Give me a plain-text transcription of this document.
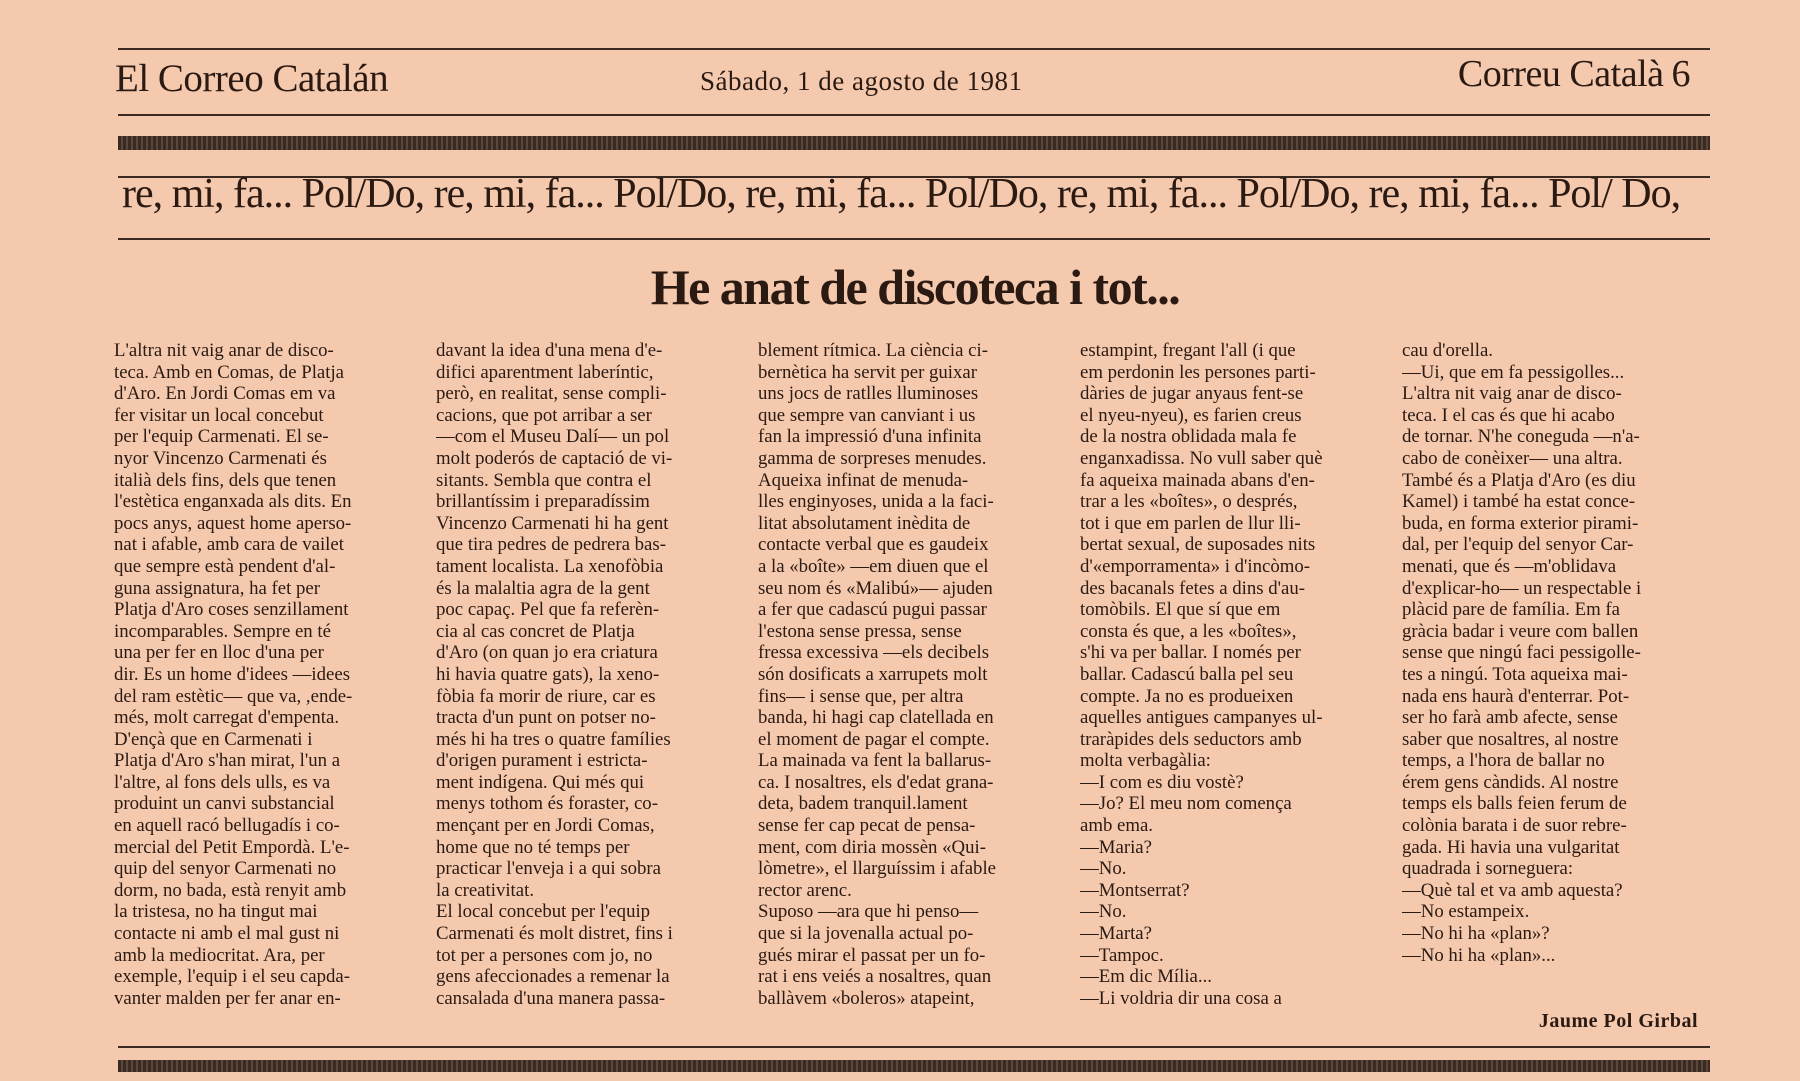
El Correo Catalán	Sábado, 1 de agosto de 1981	Correu Català 6
re, mi, fa... Pol/Do, re, mi, fa... Pol/Do, re, mi, fa... Pol/Do, re, mi, fa... Pol/Do, re, mi, fa... Pol/ Do,
He anat de discoteca i tot...
L'altra nit vaig anar de disco-
teca. Amb en Comas, de Platja
d'Aro. En Jordi Comas em va
fer visitar un local concebut
per l'equip Carmenati. El se-
nyor Vincenzo Carmenati és
italià dels fins, dels que tenen
l'estètica enganxada als dits. En
pocs anys, aquest home aperso-
nat i afable, amb cara de vailet
que sempre està pendent d'al-
guna assignatura, ha fet per
Platja d'Aro coses senzillament
incomparables. Sempre en té
una per fer en lloc d'una per
dir. Es un home d'idees —idees
del ram estètic— que va, ,ende-
més, molt carregat d'empenta.
D'ençà que en Carmenati i
Platja d'Aro s'han mirat, l'un a
l'altre, al fons dels ulls, es va
produint un canvi substancial
en aquell racó bellugadís i co-
mercial del Petit Empordà. L'e-
quip del senyor Carmenati no
dorm, no bada, està renyit amb
la tristesa, no ha tingut mai
contacte ni amb el mal gust ni
amb la mediocritat. Ara, per
exemple, l'equip i el seu capda-
vanter malden per fer anar en-
davant la idea d'una mena d'e-
difici aparentment laberíntic,
però, en realitat, sense compli-
cacions, que pot arribar a ser
—com el Museu Dalí— un pol
molt poderós de captació de vi-
sitants. Sembla que contra el
brillantíssim i preparadíssim
Vincenzo Carmenati hi ha gent
que tira pedres de pedrera bas-
tament localista. La xenofòbia
és la malaltia agra de la gent
poc capaç. Pel que fa referèn-
cia al cas concret de Platja
d'Aro (on quan jo era criatura
hi havia quatre gats), la xeno-
fòbia fa morir de riure, car es
tracta d'un punt on potser no-
més hi ha tres o quatre famílies
d'origen purament i estricta-
ment indígena. Qui més qui
menys tothom és foraster, co-
mençant per en Jordi Comas,
home que no té temps per
practicar l'enveja i a qui sobra
la creativitat.
El local concebut per l'equip
Carmenati és molt distret, fins i
tot per a persones com jo, no
gens afeccionades a remenar la
cansalada d'una manera passa-
blement rítmica. La ciència ci-
bernètica ha servit per guixar
uns jocs de ratlles lluminoses
que sempre van canviant i us
fan la impressió d'una infinita
gamma de sorpreses menudes.
Aqueixa infinat de menuda-
lles enginyoses, unida a la faci-
litat absolutament inèdita de
contacte verbal que es gaudeix
a la «boîte» —em diuen que el
seu nom és «Malibú»— ajuden
a fer que cadascú pugui passar
l'estona sense pressa, sense
fressa excessiva —els decibels
són dosificats a xarrupets molt
fins— i sense que, per altra
banda, hi hagi cap clatellada en
el moment de pagar el compte.
La mainada va fent la ballarus-
ca. I nosaltres, els d'edat grana-
deta, badem tranquil.lament
sense fer cap pecat de pensa-
ment, com diria mossèn «Qui-
lòmetre», el llarguíssim i afable
rector arenc.
Suposo —ara que hi penso—
que si la jovenalla actual po-
gués mirar el passat per un fo-
rat i ens veiés a nosaltres, quan
ballàvem «boleros» atapeint,
estampint, fregant l'all (i que
em perdonin les persones parti-
dàries de jugar anyaus fent-se
el nyeu-nyeu), es farien creus
de la nostra oblidada mala fe
enganxadissa. No vull saber què
fa aqueixa mainada abans d'en-
trar a les «boîtes», o després,
tot i que em parlen de llur lli-
bertat sexual, de suposades nits
d'«emporramenta» i d'incòmo-
des bacanals fetes a dins d'au-
tomòbils. El que sí que em
consta és que, a les «boîtes»,
s'hi va per ballar. I només per
ballar. Cadascú balla pel seu
compte. Ja no es produeixen
aquelles antigues campanyes ul-
traràpides dels seductors amb
molta verbagàlia:
—I com es diu vostè?
—Jo? El meu nom comença
amb ema.
—Maria?
—No.
—Montserrat?
—No.
—Marta?
—Tampoc.
—Em dic Mília...
—Li voldria dir una cosa a
cau d'orella.
—Ui, que em fa pessigolles...
L'altra nit vaig anar de disco-
teca. I el cas és que hi acabo
de tornar. N'he coneguda —n'a-
cabo de conèixer— una altra.
També és a Platja d'Aro (es diu
Kamel) i també ha estat conce-
buda, en forma exterior pirami-
dal, per l'equip del senyor Car-
menati, que és —m'oblidava
d'explicar-ho— un respectable i
plàcid pare de família. Em fa
gràcia badar i veure com ballen
sense que ningú faci pessigolle-
tes a ningú. Tota aqueixa mai-
nada ens haurà d'enterrar. Pot-
ser ho farà amb afecte, sense
saber que nosaltres, al nostre
temps, a l'hora de ballar no
érem gens càndids. Al nostre
temps els balls feien ferum de
colònia barata i de suor rebre-
gada. Hi havia una vulgaritat
quadrada i sorneguera:
—Què tal et va amb aquesta?
—No estampeix.
—No hi ha «plan»?
—No hi ha «plan»...
Jaume Pol Girbal
